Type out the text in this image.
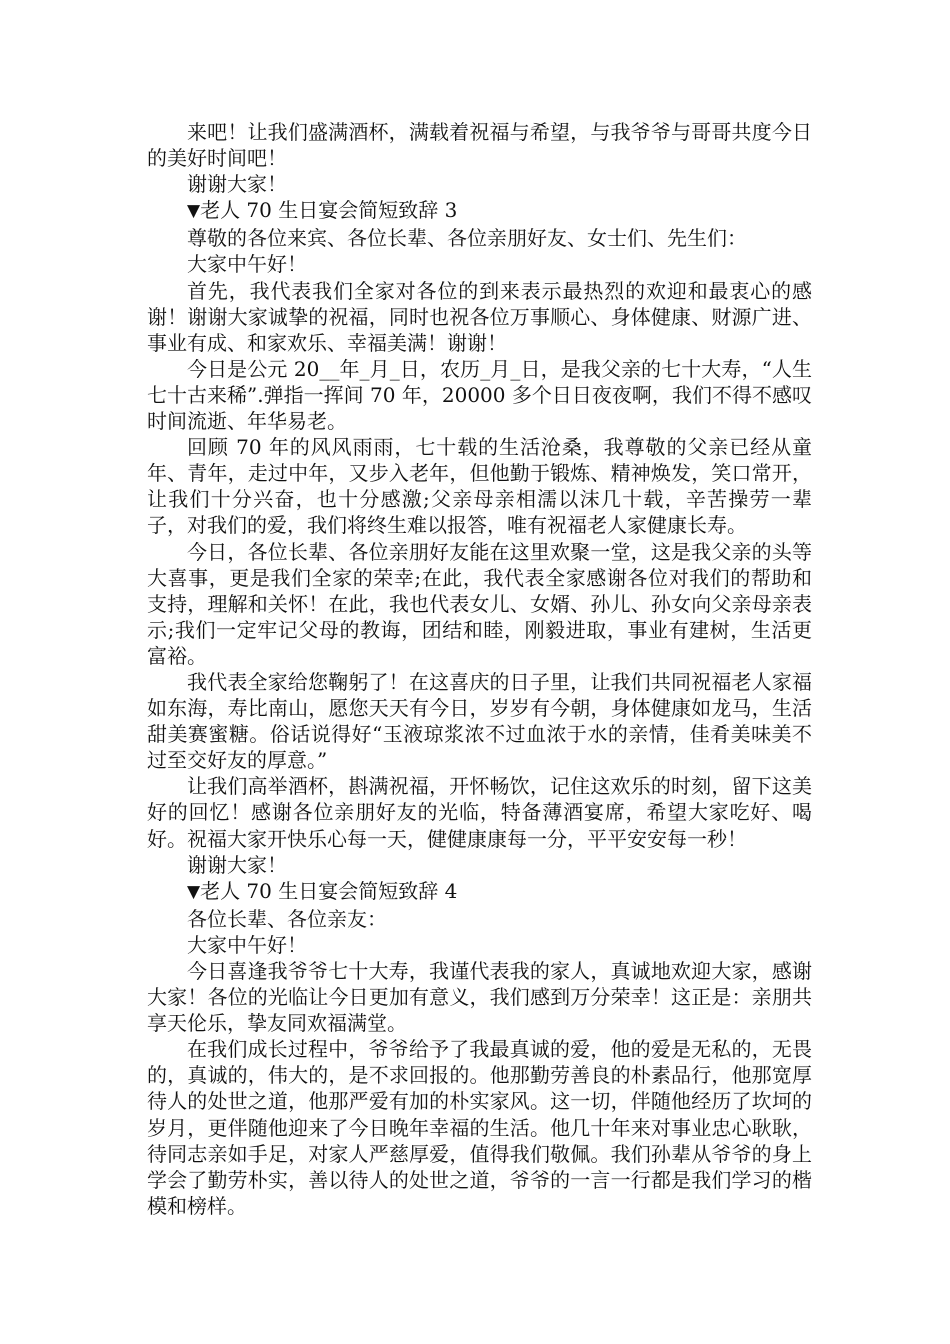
来吧！让我们盛满酒杯，满载着祝福与希望，与我爷爷与哥哥共度今日的美好时间吧！

谢谢大家！

▼老人 70 生日宴会简短致辞 3

尊敬的各位来宾、各位长辈、各位亲朋好友、女士们、先生们：

大家中午好！

首先，我代表我们全家对各位的到来表示最热烈的欢迎和最衷心的感谢！谢谢大家诚挚的祝福，同时也祝各位万事顺心、身体健康、财源广进、事业有成、和家欢乐、幸福美满！谢谢！

今日是公元 20__年_月_日，农历_月_日，是我父亲的七十大寿，“人生七十古来稀”.弹指一挥间 70 年，20000 多个日日夜夜啊，我们不得不感叹时间流逝、年华易老。

回顾 70 年的风风雨雨，七十载的生活沧桑，我尊敬的父亲已经从童年、青年，走过中年，又步入老年，但他勤于锻炼、精神焕发，笑口常开，让我们十分兴奋，也十分感激;父亲母亲相濡以沫几十载，辛苦操劳一辈子，对我们的爱，我们将终生难以报答，唯有祝福老人家健康长寿。

今日，各位长辈、各位亲朋好友能在这里欢聚一堂，这是我父亲的头等大喜事，更是我们全家的荣幸;在此，我代表全家感谢各位对我们的帮助和支持，理解和关怀！在此，我也代表女儿、女婿、孙儿、孙女向父亲母亲表示;我们一定牢记父母的教诲，团结和睦，刚毅进取，事业有建树，生活更富裕。

我代表全家给您鞠躬了！在这喜庆的日子里，让我们共同祝福老人家福如东海，寿比南山，愿您天天有今日，岁岁有今朝，身体健康如龙马，生活甜美赛蜜糖。俗话说得好“玉液琼浆浓不过血浓于水的亲情，佳肴美味美不过至交好友的厚意。”

让我们高举酒杯，斟满祝福，开怀畅饮，记住这欢乐的时刻，留下这美好的回忆！感谢各位亲朋好友的光临，特备薄酒宴席，希望大家吃好、喝好。祝福大家开快乐心每一天，健健康康每一分，平平安安每一秒！

谢谢大家！

▼老人 70 生日宴会简短致辞 4

各位长辈、各位亲友：

大家中午好！

今日喜逢我爷爷七十大寿，我谨代表我的家人，真诚地欢迎大家，感谢大家！各位的光临让今日更加有意义，我们感到万分荣幸！这正是：亲朋共享天伦乐，挚友同欢福满堂。

在我们成长过程中，爷爷给予了我最真诚的爱，他的爱是无私的，无畏的，真诚的，伟大的，是不求回报的。他那勤劳善良的朴素品行，他那宽厚待人的处世之道，他那严爱有加的朴实家风。这一切，伴随他经历了坎坷的岁月，更伴随他迎来了今日晚年幸福的生活。他几十年来对事业忠心耿耿，待同志亲如手足，对家人严慈厚爱，值得我们敬佩。我们孙辈从爷爷的身上学会了勤劳朴实，善以待人的处世之道，爷爷的一言一行都是我们学习的楷模和榜样。
